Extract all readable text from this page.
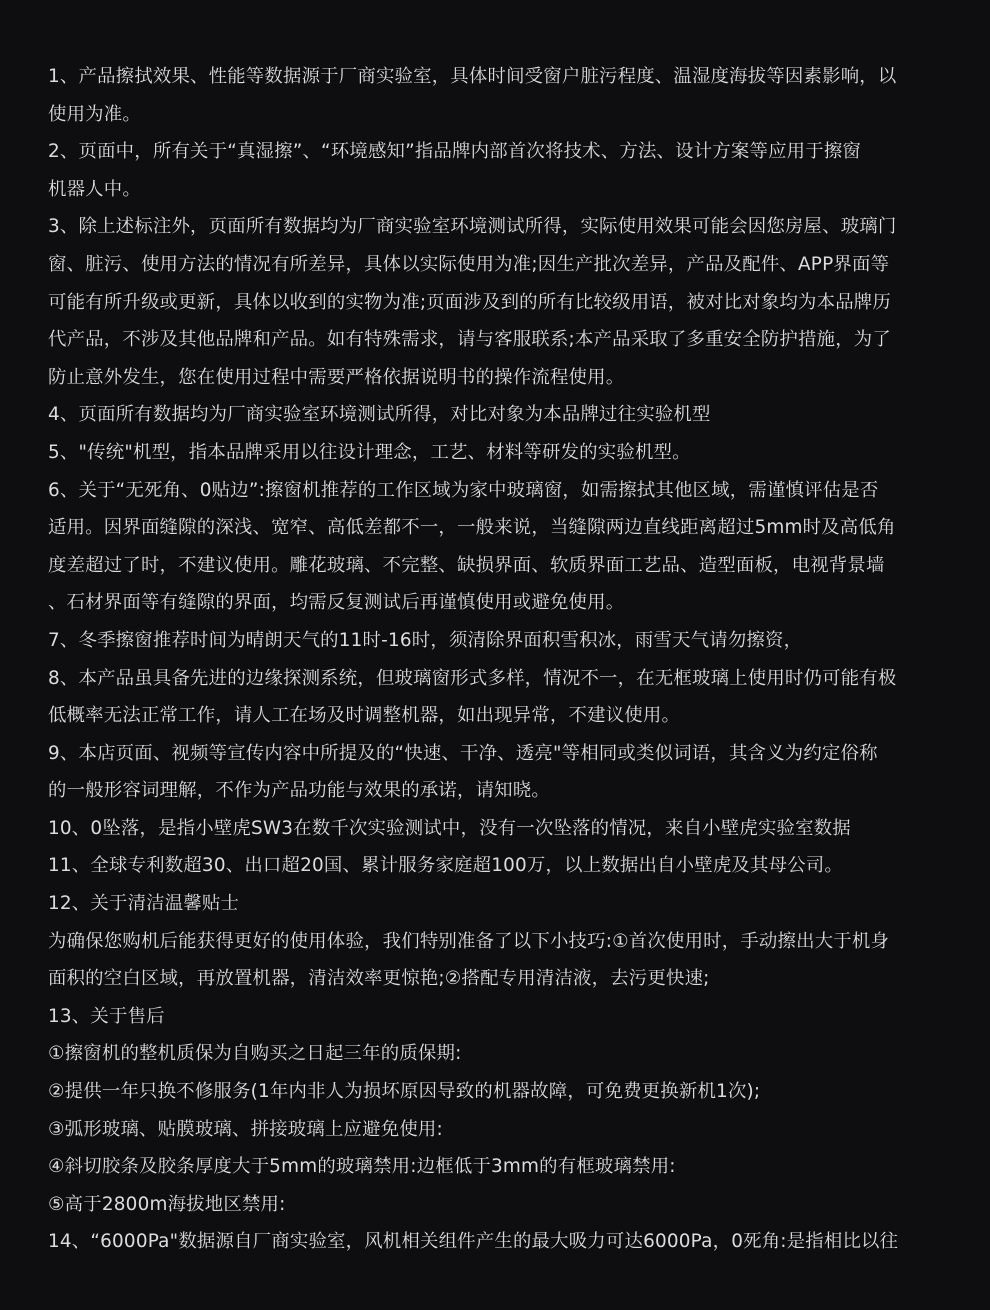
1、产品擦拭效果、性能等数据源于厂商实验室，具体时间受窗户脏污程度、温湿度海拔等因素影响，以
使用为准。
2、页面中，所有关于“真湿擦”、“环境感知”指品牌内部首次将技术、方法、设计方案等应用于擦窗
机器人中。
3、除上述标注外，页面所有数据均为厂商实验室环境测试所得，实际使用效果可能会因您房屋、玻璃门
窗、脏污、使用方法的情况有所差异，具体以实际使用为准;因生产批次差异，产品及配件、APP界面等
可能有所升级或更新，具体以收到的实物为准;页面涉及到的所有比较级用语，被对比对象均为本品牌历
代产品，不涉及其他品牌和产品。如有特殊需求，请与客服联系;本产品采取了多重安全防护措施，为了
防止意外发生，您在使用过程中需要严格依据说明书的操作流程使用。
4、页面所有数据均为厂商实验室环境测试所得，对比对象为本品牌过往实验机型
5、"传统"机型，指本品牌采用以往设计理念，工艺、材料等研发的实验机型。
6、关于“无死角、0贴边”:擦窗机推荐的工作区域为家中玻璃窗，如需擦拭其他区域，需谨慎评估是否
适用。因界面缝隙的深浅、宽窄、高低差都不一，一般来说，当缝隙两边直线距离超过5mm时及高低角
度差超过了时，不建议使用。雕花玻璃、不完整、缺损界面、软质界面工艺品、造型面板，电视背景墙
、石材界面等有缝隙的界面，均需反复测试后再谨慎使用或避免使用。
7、冬季擦窗推荐时间为晴朗天气的11时-16时，须清除界面积雪积冰，雨雪天气请勿擦资，
8、本产品虽具备先进的边缘探测系统，但玻璃窗形式多样，情况不一，在无框玻璃上使用时仍可能有极
低概率无法正常工作，请人工在场及时调整机器，如出现异常，不建议使用。
9、本店页面、视频等宣传内容中所提及的“快速、干净、透亮"等相同或类似词语，其含义为约定俗称
的一般形容词理解，不作为产品功能与效果的承诺，请知晓。
10、0坠落，是指小壁虎SW3在数千次实验测试中，没有一次坠落的情况，来自小壁虎实验室数据
11、全球专利数超30、出口超20国、累计服务家庭超100万，以上数据出自小壁虎及其母公司。
12、关于清洁温馨贴士
为确保您购机后能获得更好的使用体验，我们特别准备了以下小技巧:①首次使用时，手动擦出大于机身
面积的空白区域，再放置机器，清洁效率更惊艳;②搭配专用清洁液，去污更快速;
13、关于售后
①擦窗机的整机质保为自购买之日起三年的质保期:
②提供一年只换不修服务(1年内非人为损坏原因导致的机器故障，可免费更换新机1次);
③弧形玻璃、贴膜玻璃、拼接玻璃上应避免使用:
④斜切胶条及胶条厚度大于5mm的玻璃禁用:边框低于3mm的有框玻璃禁用:
⑤高于2800m海拔地区禁用:
14、“6000Pa"数据源自厂商实验室，风机相关组件产生的最大吸力可达6000Pa，0死角:是指相比以往
